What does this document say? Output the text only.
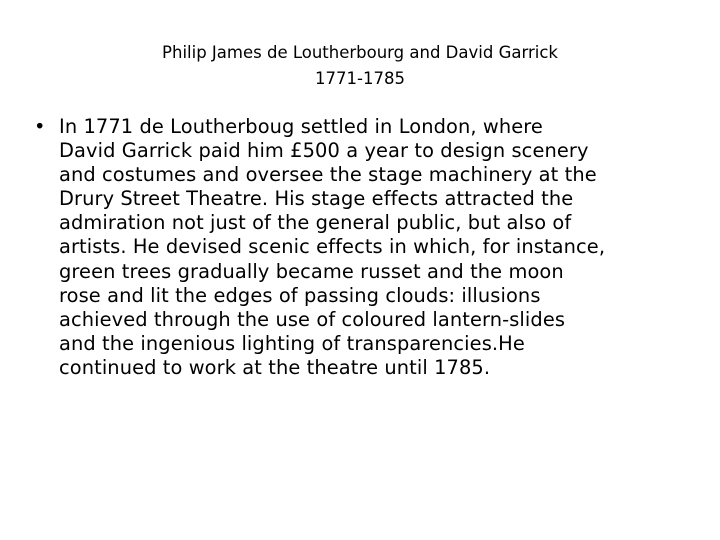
Philip James de Loutherbourg and David Garrick
1771-1785
• In 1771 de Loutherboug settled in London, where
David Garrick paid him £500 a year to design scenery
and costumes and oversee the stage machinery at the
Drury Street Theatre. His stage effects attracted the
admiration not just of the general public, but also of
artists. He devised scenic effects in which, for instance,
green trees gradually became russet and the moon
rose and lit the edges of passing clouds: illusions
achieved through the use of coloured lantern-slides
and the ingenious lighting of transparencies.He
continued to work at the theatre until 1785.
